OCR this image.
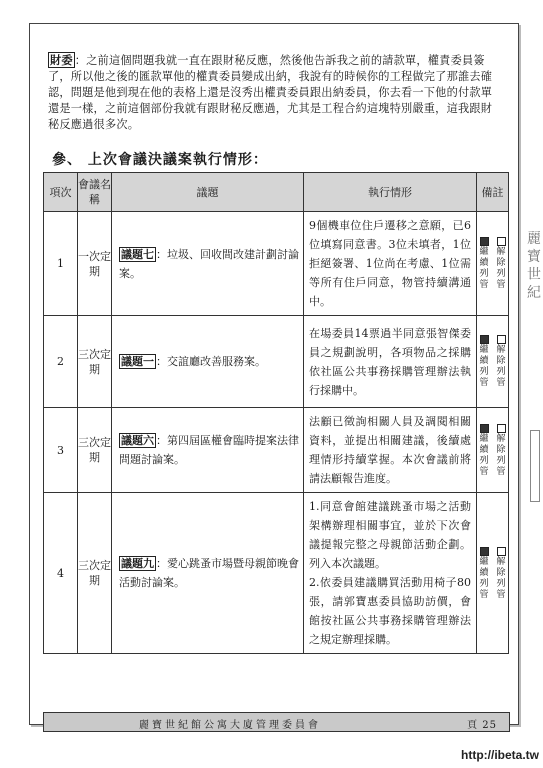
財委 ：之前這個問題我就一直在跟財秘反應，然後他告訴我之前的請款單，權責委員簽了，所以他之後的匯款單他的權責委員變成出納，我說有的時候你的工程做完了那誰去確認，問題是他到現在他的表格上還是沒秀出權責委員跟出納委員，你去看一下他的付款單還是一樣，之前這個部份我就有跟財秘反應過，尤其是工程合約這塊特別嚴重，這我跟財秘反應過很多次。
參、 上次會議決議案執行情形：
項次	會議名稱	議題	執行情形	備註
1	一次定期	議題七 ：垃圾、回收間改建計劃討論案。	9個機車位住戶遷移之意願，已6位填寫同意書。3位未填者，1位拒絕簽署、1位尚在考慮、1位需等所有住戶同意，物管持續溝通中。	繼續列管
解除列管

2	三次定期	議題一 ：交誼廳改善服務案。	在場委員14票過半同意張智傑委員之規劃說明，各項物品之採購依社區公共事務採購管理辦法執行採購中。	繼續列管
解除列管

3	三次定期	議題六 ：第四屆區權會臨時提案法律問題討論案。	法顧已徵詢相關人員及調閱相關資料，並提出相關建議，後續處理情形持續掌握。本次會議前將請法顧報告進度。	繼續列管
解除列管

4	三次定期	議題九 ：愛心跳蚤市場暨母親節晚會活動討論案。	1.同意會館建議跳蚤市場之活動架構辦理相關事宜，並於下次會議提報完整之母親節活動企劃。列入本次議題。
2.依委員建議購買活動用椅子80張，請郭寶惠委員協助訪價，會館按社區公共事務採購管理辦法之規定辦理採購。	繼續列管
解除列管
麗寶世紀館公寓大廈管理委員會	頁 25
麗寶世紀
http://ibeta.tw
